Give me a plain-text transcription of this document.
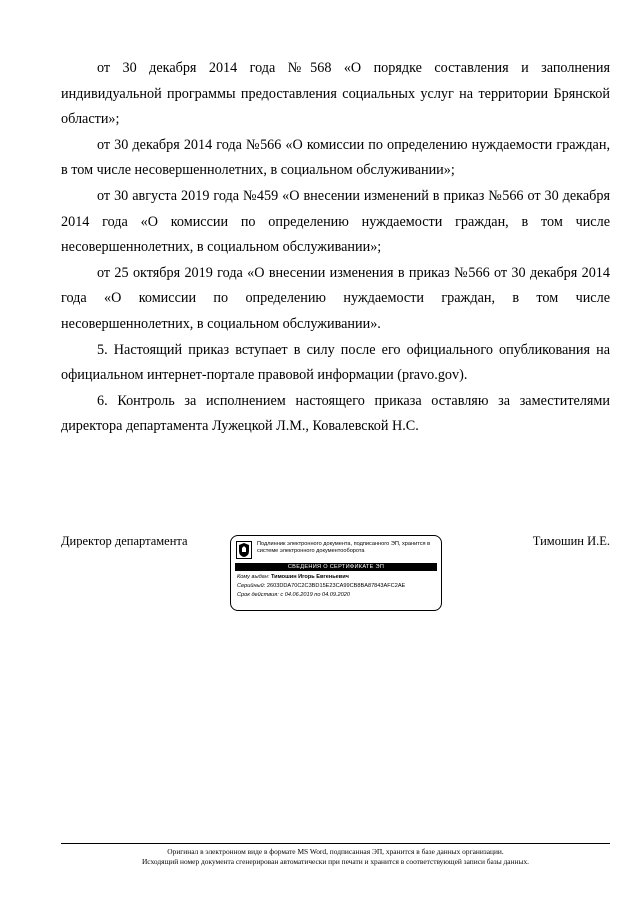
от 30 декабря 2014 года №568 «О порядке составления и заполнения индивидуальной программы предоставления социальных услуг на территории Брянской области»;

от 30 декабря 2014 года №566 «О комиссии по определению нуждаемости граждан, в том числе несовершеннолетних, в социальном обслуживании»;

от 30 августа 2019 года №459 «О внесении изменений в приказ №566 от 30 декабря 2014 года «О комиссии по определению нуждаемости граждан, в том числе несовершеннолетних, в социальном обслуживании»;

от 25 октября 2019 года «О внесении изменения в приказ №566 от 30 декабря 2014 года «О комиссии по определению нуждаемости граждан, в том числе несовершеннолетних, в социальном обслуживании».

5. Настоящий приказ вступает в силу после его официального опубликования на официальном интернет-портале правовой информации (pravo.gov).

6. Контроль за исполнением настоящего приказа оставляю за заместителями директора департамента Лужецкой Л.М., Ковалевской Н.С.

Директор департамента	Тимошин И.Е.
Подлинник электронного документа, подписанного ЭП, хранится в системе электронного документооборота
СВЕДЕНИЯ О СЕРТИФИКАТЕ ЭП
Кому выдан: Тимошин Игорь Евгеньевич
Серийный: 2603DDA70C2C3BD15E23CA99CB8BA87843AFC2AE
Срок действия: с 04.06.2019 по 04.09.2020
Оригинал в электронном виде в формате MS Word, подписанная ЭП, хранится в базе данных организации.
Исходящий номер документа сгенерирован автоматически при печати и хранится в соответствующей записи базы данных.
